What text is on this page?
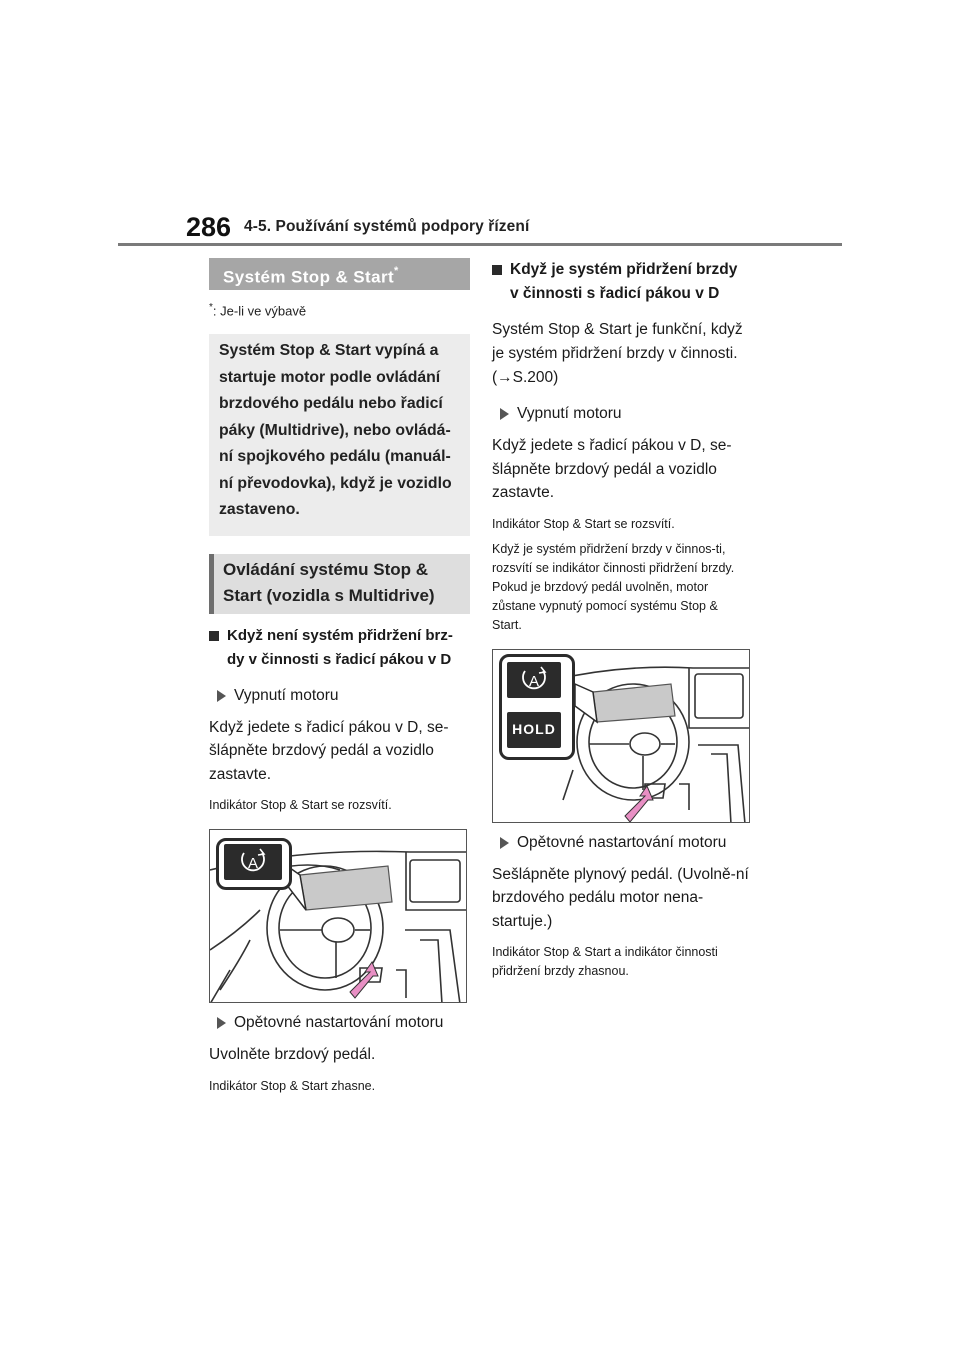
286 4-5. Používání systémů podpory řízení
Systém Stop & Start*
*: Je-li ve výbavě
Systém Stop & Start vypíná a startuje motor podle ovládání brzdového pedálu nebo řadicí páky (Multidrive), nebo ovládá-ní spojkového pedálu (manuál-ní převodovka), když je vozidlo zastaveno.
Ovládání systému Stop & Start (vozidla s Multidrive)
Když není systém přidržení brz-dy v činnosti s řadicí pákou v D
Vypnutí motoru
Když jedete s řadicí pákou v D, se-šlápněte brzdový pedál a vozidlo zastavte.
Indikátor Stop & Start se rozsvítí.
A
Opětovné nastartování motoru
Uvolněte brzdový pedál.
Indikátor Stop & Start zhasne.
Když je systém přidržení brzdy v činnosti s řadicí pákou v D
Systém Stop & Start je funkční, když je systém přidržení brzdy v činnosti. (→S.200)
Vypnutí motoru
Když jedete s řadicí pákou v D, se-šlápněte brzdový pedál a vozidlo zastavte.
Indikátor Stop & Start se rozsvítí.
Když je systém přidržení brzdy v činnos-ti, rozsvítí se indikátor činnosti přidržení brzdy. Pokud je brzdový pedál uvolněn, motor zůstane vypnutý pomocí systému Stop & Start.
A
HOLD
Opětovné nastartování motoru
Sešlápněte plynový pedál. (Uvolně-ní brzdového pedálu motor nena-startuje.)
Indikátor Stop & Start a indikátor činnosti přidržení brzdy zhasnou.
